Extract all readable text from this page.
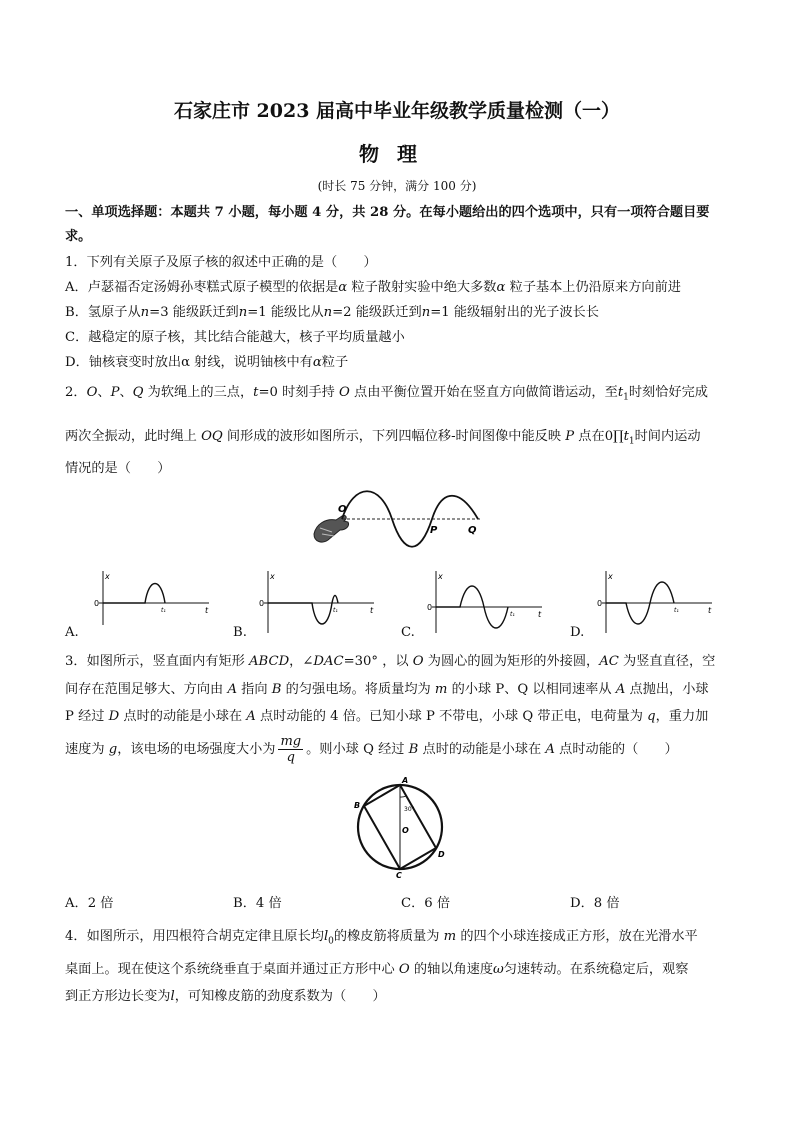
石家庄市 2023 届高中毕业年级教学质量检测（一）
物理
(时长 75 分钟，满分 100 分)
一、单项选择题：本题共 7 小题，每小题 4 分，共 28 分。在每小题给出的四个选项中，只有一项符合题目要
求。
1．下列有关原子及原子核的叙述中正确的是（　　）
A．卢瑟福否定汤姆孙枣糕式原子模型的依据是α 粒子散射实验中绝大多数α 粒子基本上仍沿原来方向前进
B．氢原子从n=3 能级跃迁到n=1 能级比从n=2 能级跃迁到n=1 能级辐射出的光子波长长
C．越稳定的原子核，其比结合能越大，核子平均质量越小
D．铀核衰变时放出α 射线，说明铀核中有α粒子
2．O、P、Q 为软绳上的三点，t=0 时刻手持 O 点由平衡位置开始在竖直方向做简谐运动，至$t_1$时刻恰好完成
两次全振动，此时绳上 OQ 间形成的波形如图所示，下列四幅位移-时间图像中能反映 P 点在$0\prod t_1$时间内运动
情况的是（　　）
O
P	Q
x
0
t
t₁
x
0
t
t₁
x
0
t
t₁
x
0
t
t₁
A.	B.	C.	D.
3．如图所示，竖直面内有矩形 ABCD，∠DAC=30° ，以 O 为圆心的圆为矩形的外接圆，AC 为竖直直径，空
间存在范围足够大、方向由 A 指向 B 的匀强电场。将质量均为 m 的小球 P、Q 以相同速率从 A 点抛出，小球
P 经过 D 点时的动能是小球在 A 点时动能的 4 倍。已知小球 P 不带电，小球 Q 带正电，电荷量为 q，重力加
速度为 g，该电场的电场强度大小为 $\frac{mg}{q}$ 。则小球 Q 经过 B 点时的动能是小球在 A 点时动能的（　　）
A
B
C
D
O
30°
A．2 倍	B．4 倍	C．6 倍	D．8 倍
4．如图所示，用四根符合胡克定律且原长均$l_0$的橡皮筋将质量为 m 的四个小球连接成正方形，放在光滑水平
桌面上。现在使这个系统绕垂直于桌面并通过正方形中心 O 的轴以角速度ω匀速转动。在系统稳定后，观察
到正方形边长变为l，可知橡皮筋的劲度系数为（　　）
